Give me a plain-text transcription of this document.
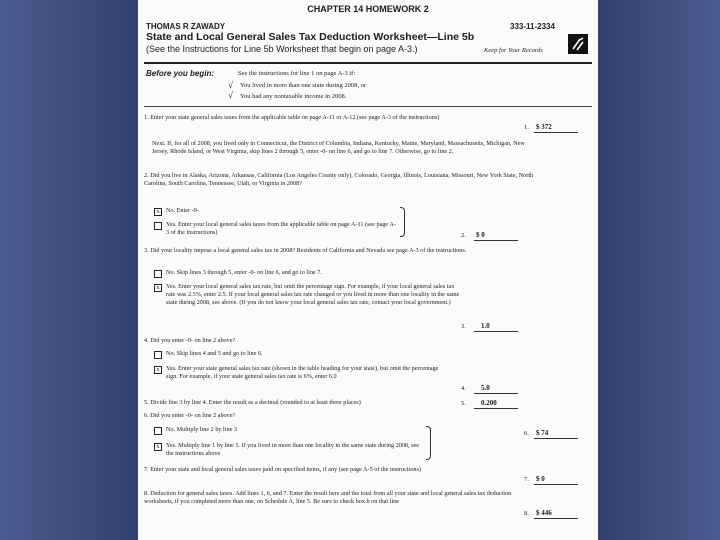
CHAPTER 14 HOMEWORK 2
THOMAS R ZAWADY	333-11-2334
State and Local General Sales Tax Deduction Worksheet—Line 5b
(See the Instructions for Line 5b Worksheet that begin on page A-3.)	Keep for Your Records
Before you begin:	See the instructions for line 1 on page A-3 if:
√ You lived in more than one state during 2008, or
√ You had any nontaxable income in 2008.
1. Enter your state general sales taxes from the applicable table on page A-11 or A-12 (see page A-3 of the instructions)
1. $ 372
Next. If, for all of 2008, you lived only in Connecticut, the District of Columbia, Indiana, Kentucky, Maine, Maryland, Massachusetts, Michigan, New Jersey, Rhode Island, or West Virginia, skip lines 2 through 5, enter -0- on line 6, and go to line 7. Otherwise, go to line 2.
2. Did you live in Alaska, Arizona, Arkansas, California (Los Angeles County only), Colorado, Georgia, Illinois, Louisiana, Missouri, New York State, North Carolina, South Carolina, Tennessee, Utah, or Virginia in 2008?
x	No. Enter -0-
Yes. Enter your local general sales taxes from the applicable table on page A-11 (see page A-3 of the instructions)	2. $ 0
3. Did your locality impose a local general sales tax in 2008? Residents of California and Nevada see page A-3 of the instructions.
No. Skip lines 3 through 5, enter -0- on line 6, and go to line 7.
x	Yes. Enter your local general sales tax rate, but omit the percentage sign. For example, if your local general sales tax rate was 2.5%, enter 2.5. If your local general sales tax rate changed or you lived in more than one locality in the same state during 2008, see above. (If you do not know your local general sales tax rate, contact your local government.)
3. 1.0
4. Did you enter -0- on line 2 above?
No. Skip lines 4 and 5 and go to line 6.
x	Yes. Enter your state general sales tax rate (shown in the table heading for your state), but omit the percentage sign. For example, if your state general sales tax rate is 6%, enter 6.0
4. 5.0
5. Divide line 3 by line 4. Enter the result as a decimal (rounded to at least three places)	5. 0.200
6. Did you enter -0- on line 2 above?
No. Multiply line 2 by line 3
x	Yes. Multiply line 1 by line 5. If you lived in more than one locality in the same state during 2008, see the instructions above
6. $ 74
7. Enter your state and local general sales taxes paid on specified items, if any (see page A-5 of the instructions)
7. $ 0
8. Deduction for general sales taxes. Add lines 1, 6, and 7. Enter the result here and the total from all your state and local general sales tax deduction worksheets, if you completed more than one, on Schedule A, line 5. Be sure to check box b on that line
8. $ 446
